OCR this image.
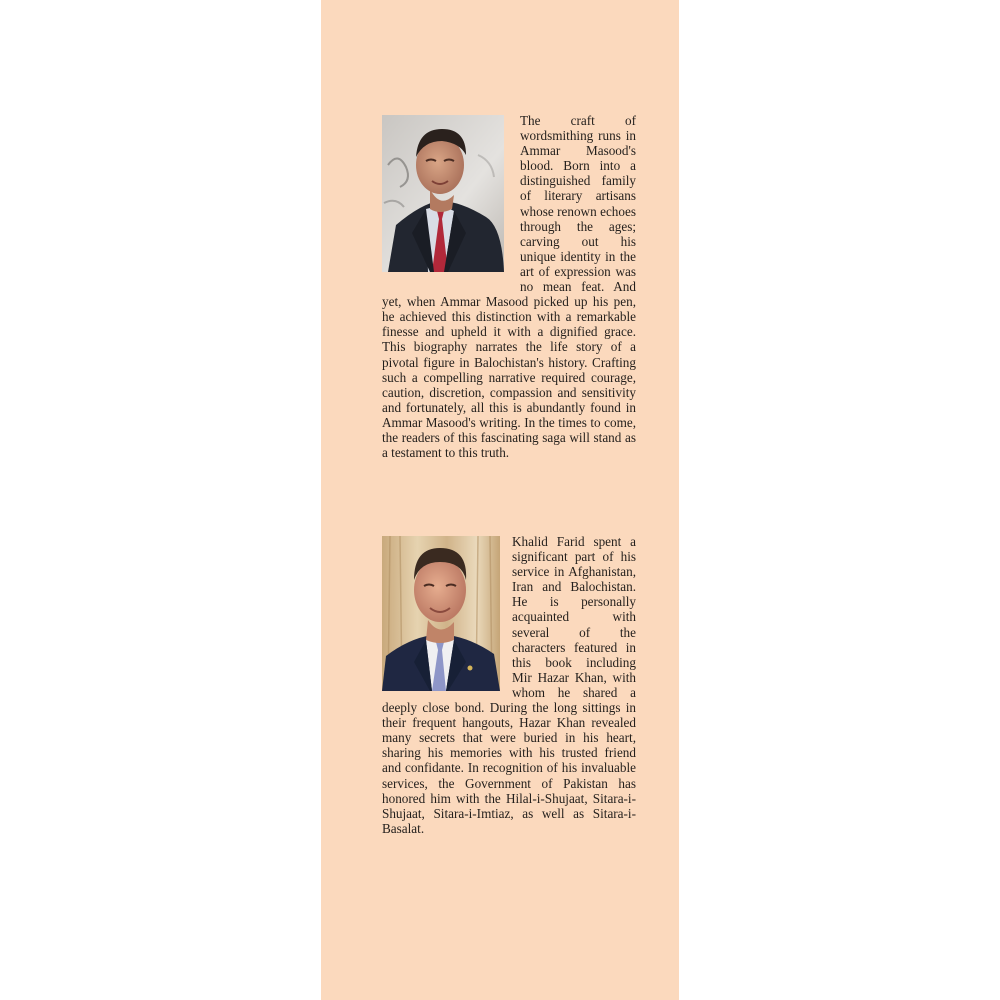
The craft of wordsmithing runs in Ammar Masood's blood. Born into a distinguished family of literary artisans whose renown echoes through the ages; carving out his unique identity in the art of expression was no mean feat. And yet, when Ammar Masood picked up his pen, he achieved this distinction with a remarkable finesse and upheld it with a dignified grace. This biography narrates the life story of a pivotal figure in Balochistan's history. Crafting such a compelling narrative required courage, caution, discretion, compassion and sensitivity and fortunately, all this is abundantly found in Ammar Masood's writing. In the times to come, the readers of this fascinating saga will stand as a testament to this truth.
Khalid Farid spent a significant part of his service in Afghanistan, Iran and Balochistan. He is personally acquainted with several of the characters featured in this book including Mir Hazar Khan, with whom he shared a deeply close bond. During the long sittings in their frequent hangouts, Hazar Khan revealed many secrets that were buried in his heart, sharing his memories with his trusted friend and confidante. In recognition of his invaluable services, the Government of Pakistan has honored him with the Hilal-i-Shujaat, Sitara-i-Shujaat, Sitara-i-Imtiaz, as well as Sitara-i-Basalat.
